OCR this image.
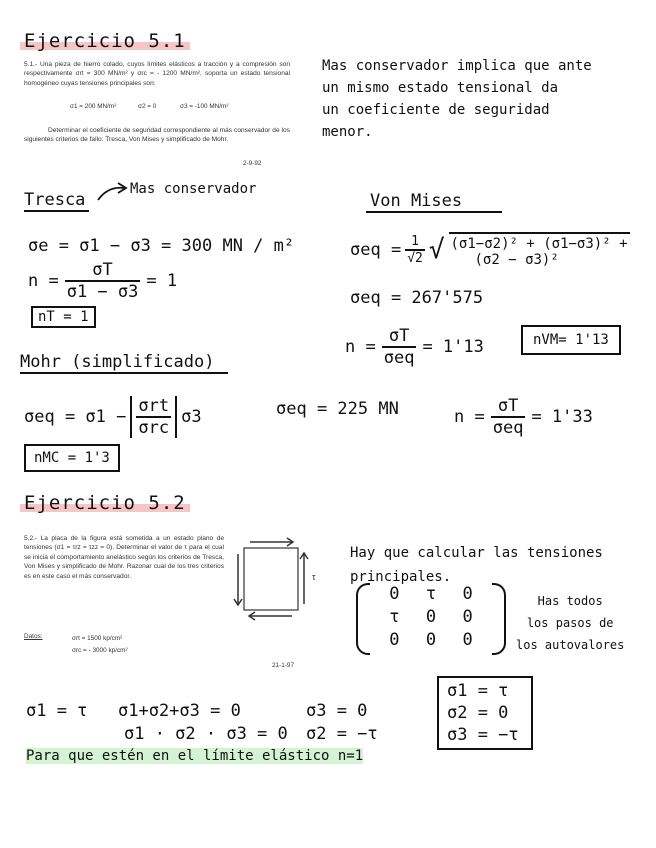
Ejercicio 5.1
5.1.- Una pieza de hierro colado, cuyos límites elásticos a tracción y a compresión son respectivamente σrt = 300 MN/m² y σrc = - 1200 MN/m², soporta un estado tensional homogéneo cuyas tensiones principales son:
σ1 = 200 MN/m²	σ2 = 0	σ3 = -100 MN/m²
Determinar el coeficiente de seguridad correspondiente al más conservador de los siguientes criterios de fallo: Tresca, Von Mises y simplificado de Mohr.
2-9-92
Mas conservador implica que ante
un mismo estado tensional da
un coeficiente de seguridad
menor.
Tresca
Mas conservador
σe = σ1 − σ3 = 300 MN / m²
$n = \frac{\sigma T}{\sigma 1 - \sigma 3} = 1$
nT = 1
Von Mises
$\sigma eq = \frac{1}{√2}$ √ (σ1−σ2)² + (σ1−σ3)² +
(σ2 − σ3)²
σeq = 267'575
$n = \frac{\sigma T}{\text{σeq}} = 1'13$	nVM= 1'13
Mohr (simplificado)
$\sigma eq = \sigma 1 - \frac{\text{σrt}}{\text{σrc}} \sigma 3$	σeq = 225 MN	$n = \frac{\sigma T}{\text{σeq}} = 1'33$
nMC = 1'3
Ejercicio 5.2
5.2.- La placa de la figura está sometida a un estado plano de tensiones (σ1 = τrz = τzz = 0). Determinar el valor de τ para el cual se inicia el comportamiento anelástico según los criterios de Tresca, Von Mises y simplificado de Mohr. Razonar cual de los tres criterios es en este caso el más conservador.	τ
Datos:	σrt = 1500 kp/cm²
σrc = - 3000 kp/cm²
21-1-97
Hay que calcular las tensiones
principales.
0	τ	0
τ	0	0
0	0	0
Has todos
los pasos de
los autovalores
σ1 = τ
σ2 = 0
σ3 = −τ
σ1 = τ σ1+σ2+σ3 = 0	σ3 = 0
σ1 · σ2 · σ3 = 0 σ2 = −τ
Para que estén en el límite elástico n=1
